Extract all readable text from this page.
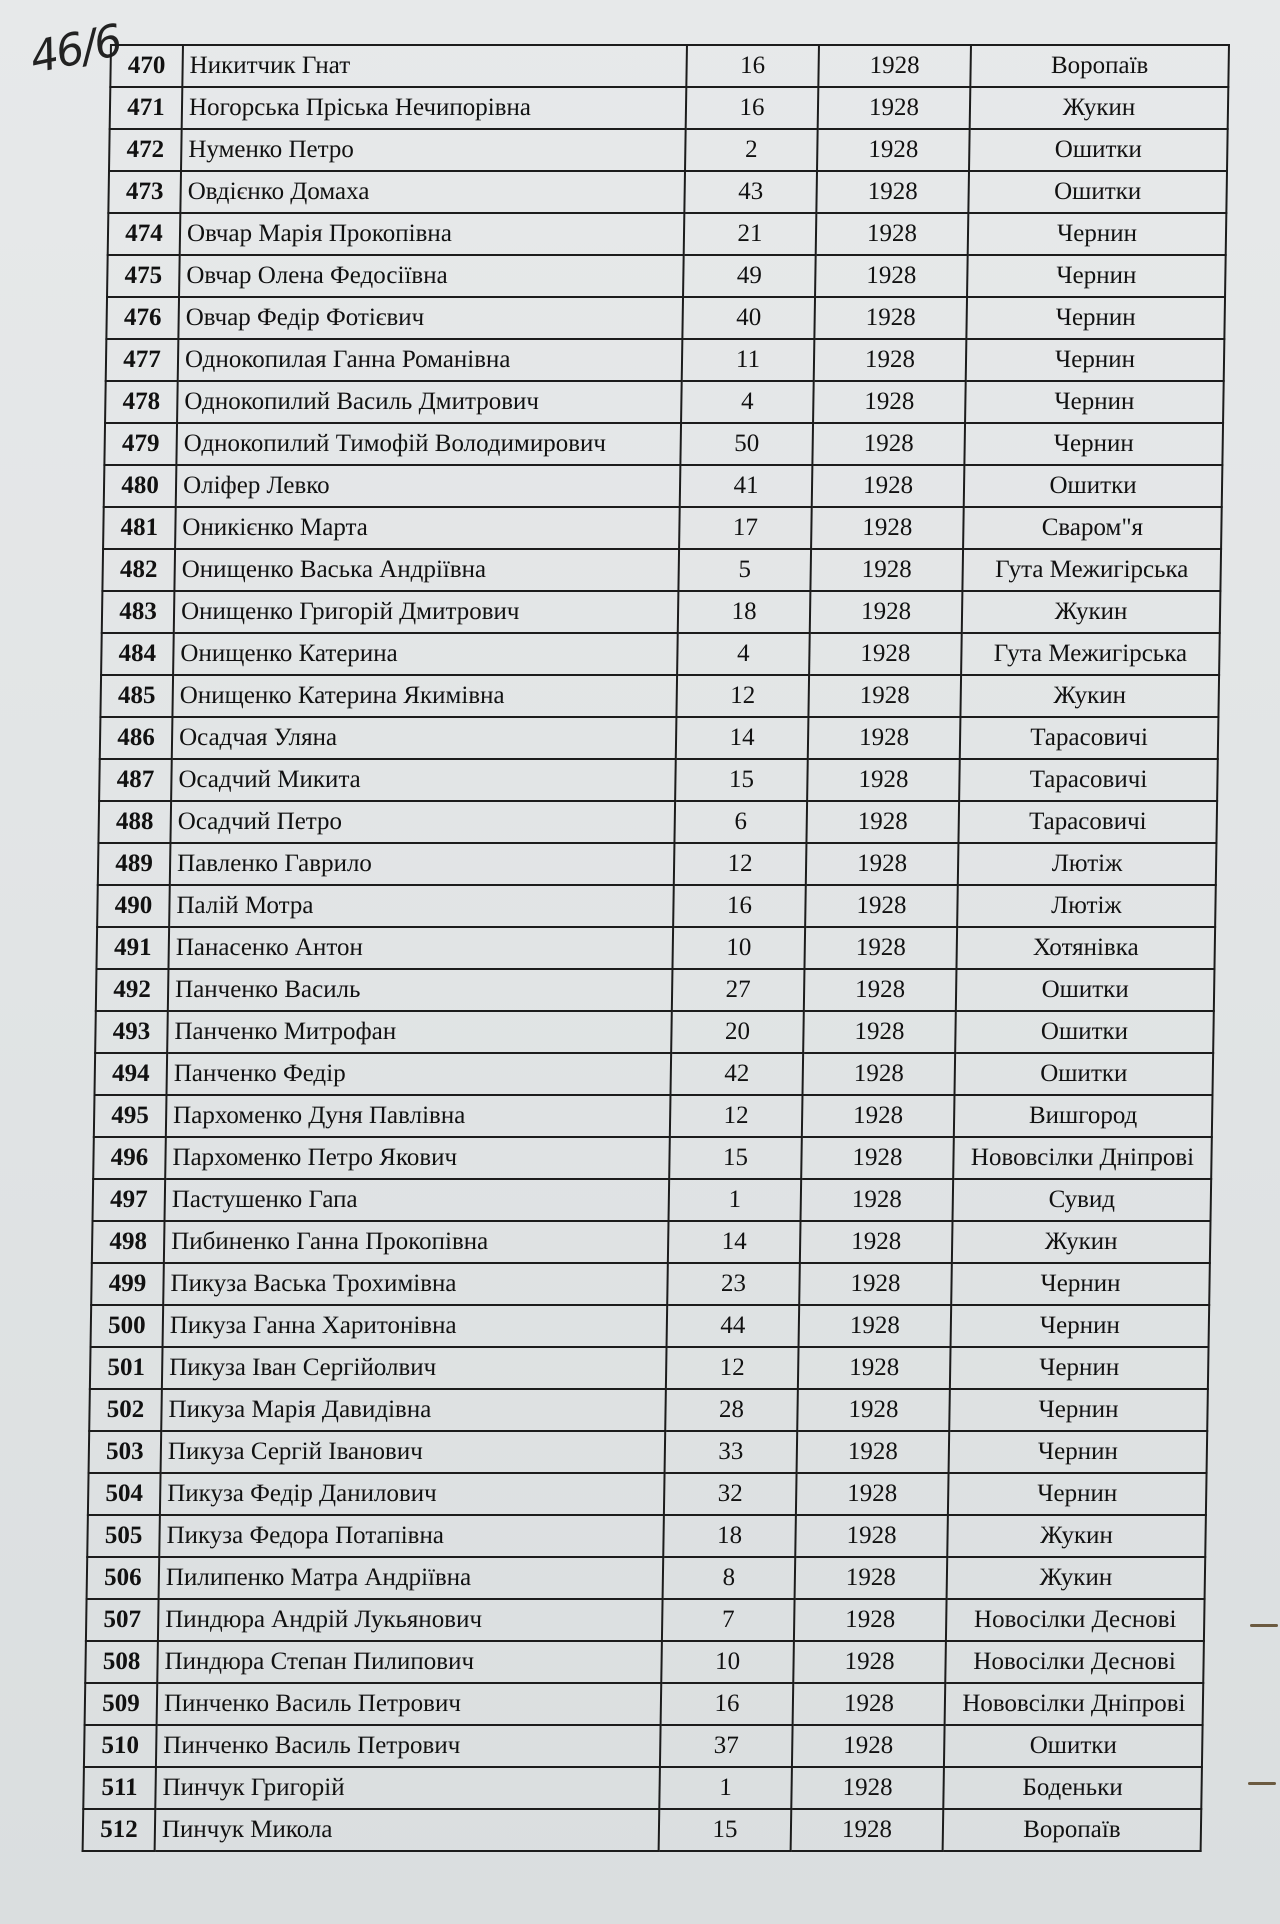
46/6 470	Никитчик Гнат	16	1928	Воропаїв
471	Ногорська Пріська Нечипорівна	16	1928	Жукин
472	Нуменко Петро	2	1928	Ошитки
473	Овдієнко Домаха	43	1928	Ошитки
474	Овчар Марія Прокопівна	21	1928	Чернин
475	Овчар Олена Федосіївна	49	1928	Чернин
476	Овчар Федір Фотієвич	40	1928	Чернин
477	Однокопилая Ганна Романівна	11	1928	Чернин
478	Однокопилий Василь Дмитрович	4	1928	Чернин
479	Однокопилий Тимофій Володимирович	50	1928	Чернин
480	Оліфер Левко	41	1928	Ошитки
481	Оникієнко Марта	17	1928	Сваром"я
482	Онищенко Васька Андріївна	5	1928	Гута Межигірська
483	Онищенко Григорій Дмитрович	18	1928	Жукин
484	Онищенко Катерина	4	1928	Гута Межигірська
485	Онищенко Катерина Якимівна	12	1928	Жукин
486	Осадчая Уляна	14	1928	Тарасовичі
487	Осадчий Микита	15	1928	Тарасовичі
488	Осадчий Петро	6	1928	Тарасовичі
489	Павленко Гаврило	12	1928	Лютіж
490	Палій Мотра	16	1928	Лютіж
491	Панасенко Антон	10	1928	Хотянівка
492	Панченко Василь	27	1928	Ошитки
493	Панченко Митрофан	20	1928	Ошитки
494	Панченко Федір	42	1928	Ошитки
495	Пархоменко Дуня Павлівна	12	1928	Вишгород
496	Пархоменко Петро Якович	15	1928	Нововсілки Дніпрові
497	Пастушенко Гапа	1	1928	Сувид
498	Пибиненко Ганна Прокопівна	14	1928	Жукин
499	Пикуза Васька Трохимівна	23	1928	Чернин
500	Пикуза Ганна Харитонівна	44	1928	Чернин
501	Пикуза Іван Сергійолвич	12	1928	Чернин
502	Пикуза Марія Давидівна	28	1928	Чернин
503	Пикуза Сергій Іванович	33	1928	Чернин
504	Пикуза Федір Данилович	32	1928	Чернин
505	Пикуза Федора Потапівна	18	1928	Жукин
506	Пилипенко Матра Андріївна	8	1928	Жукин
507	Пиндюра Андрій Лукьянович	7	1928	Новосілки Деснові
508	Пиндюра Степан Пилипович	10	1928	Новосілки Деснові
509	Пинченко Василь Петрович	16	1928	Нововсілки Дніпрові
510	Пинченко Василь Петрович	37	1928	Ошитки
511	Пинчук Григорій	1	1928	Боденьки
512	Пинчук Микола	15	1928	Воропаїв
